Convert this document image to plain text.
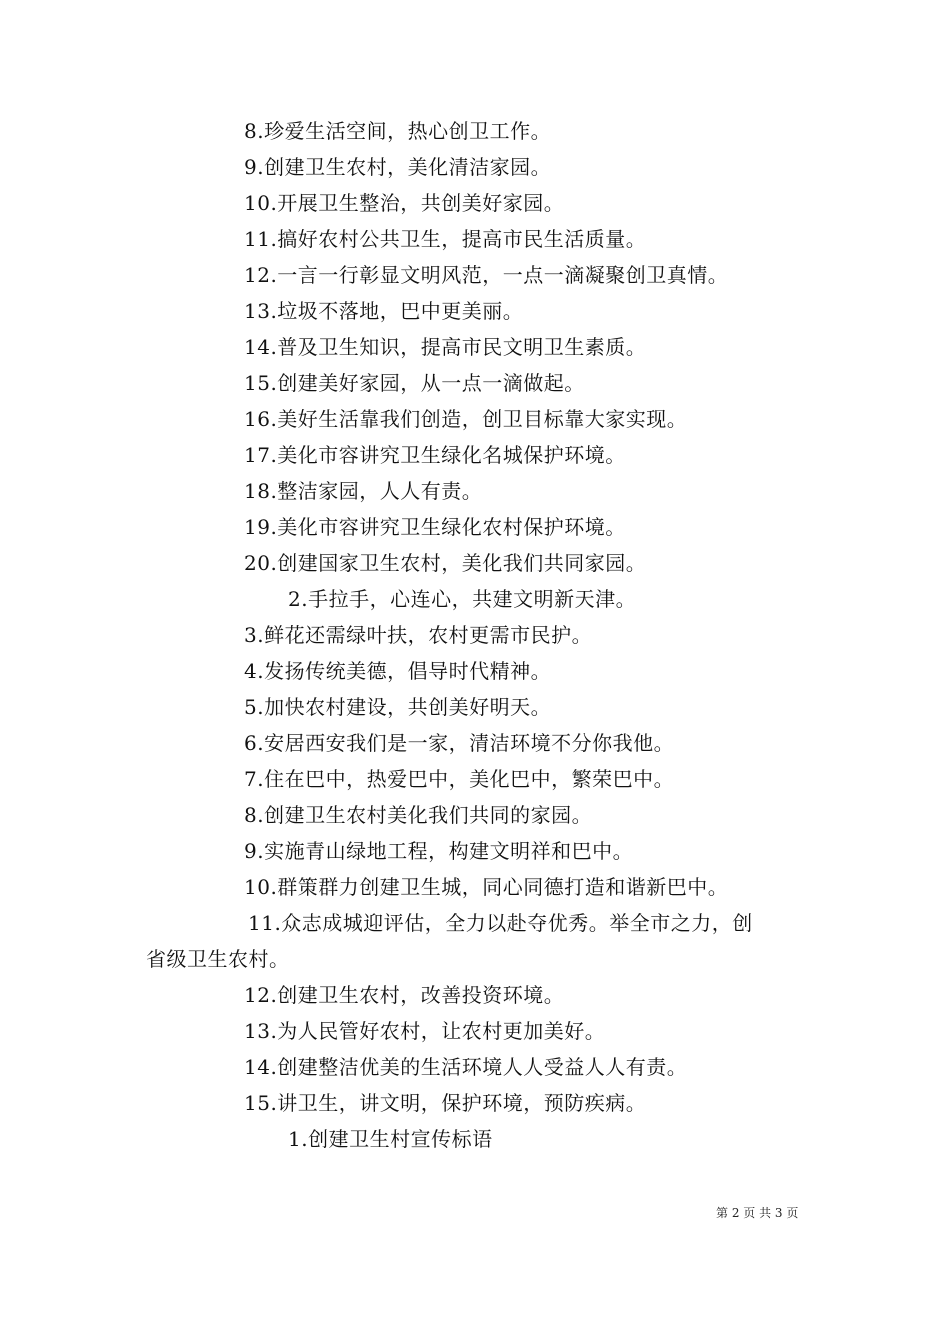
8.珍爱生活空间，热心创卫工作。
9.创建卫生农村，美化清洁家园。
10.开展卫生整治，共创美好家园。
11.搞好农村公共卫生，提高市民生活质量。
12.一言一行彰显文明风范，一点一滴凝聚创卫真情。
13.垃圾不落地，巴中更美丽。
14.普及卫生知识，提高市民文明卫生素质。
15.创建美好家园，从一点一滴做起。
16.美好生活靠我们创造，创卫目标靠大家实现。
17.美化市容讲究卫生绿化名城保护环境。
18.整洁家园，人人有责。
19.美化市容讲究卫生绿化农村保护环境。
20.创建国家卫生农村，美化我们共同家园。
2.手拉手，心连心，共建文明新天津。
3.鲜花还需绿叶扶，农村更需市民护。
4.发扬传统美德，倡导时代精神。
5.加快农村建设，共创美好明天。
6.安居西安我们是一家，清洁环境不分你我他。
7.住在巴中，热爱巴中，美化巴中，繁荣巴中。
8.创建卫生农村美化我们共同的家园。
9.实施青山绿地工程，构建文明祥和巴中。
10.群策群力创建卫生城，同心同德打造和谐新巴中。
11.众志成城迎评估，全力以赴夺优秀。举全市之力，创
省级卫生农村。
12.创建卫生农村，改善投资环境。
13.为人民管好农村，让农村更加美好。
14.创建整洁优美的生活环境人人受益人人有责。
15.讲卫生，讲文明，保护环境，预防疾病。
1.创建卫生村宣传标语
第 2 页 共 3 页
